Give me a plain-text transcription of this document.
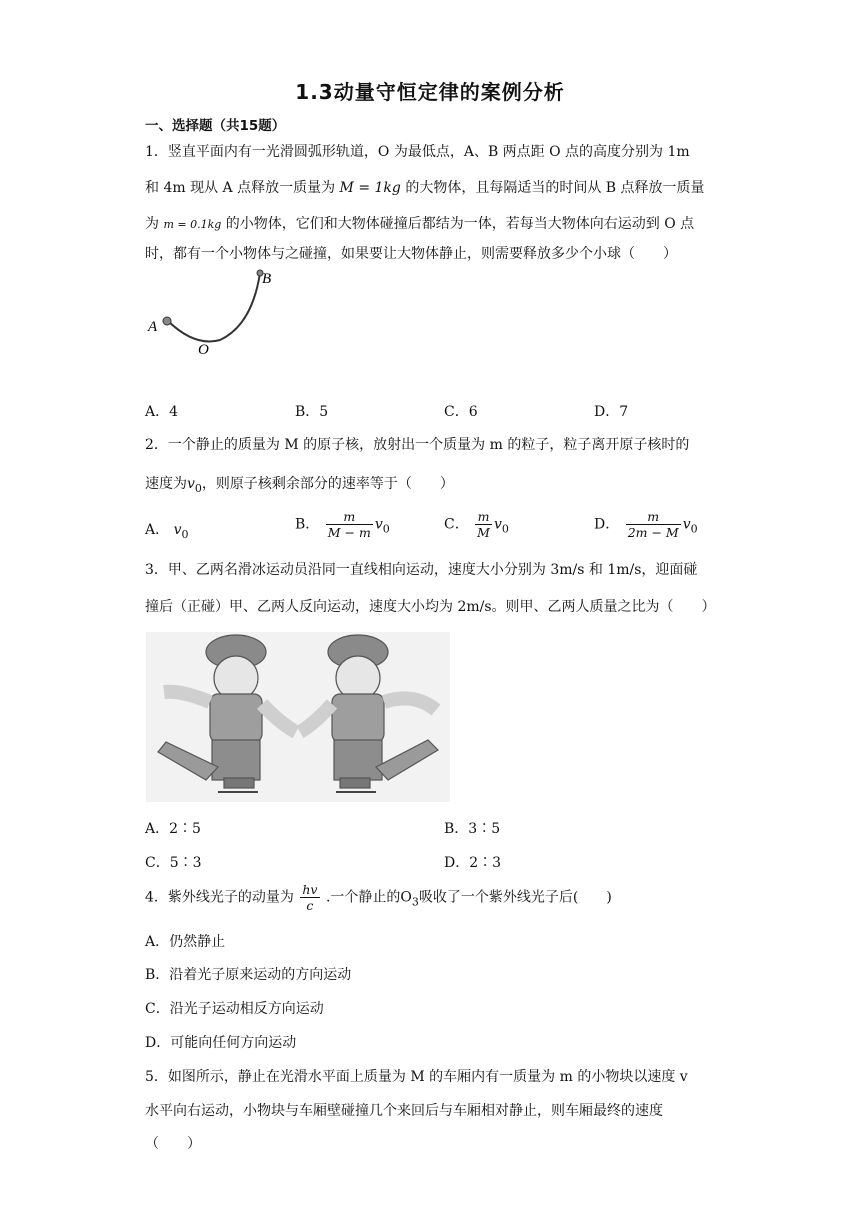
1.3动量守恒定律的案例分析
一、选择题（共15题）
1．竖直平面内有一光滑圆弧形轨道，O 为最低点，A、B 两点距 O 点的高度分别为 1m
和 4m 现从 A 点释放一质量为 M = 1kg 的大物体，且每隔适当的时间从 B 点释放一质量
为 m = 0.1kg 的小物体，它们和大物体碰撞后都结为一体，若每当大物体向右运动到 O 点
时，都有一个小物体与之碰撞，如果要让大物体静止，则需要释放多少个小球（　　）
A
B
O
A．4	B．5	C．6	D．7
2．一个静止的质量为 M 的原子核，放射出一个质量为 m 的粒子，粒子离开原子核时的
速度为$v_0$，则原子核剩余部分的速率等于（　　）
A． $v_0$
B． $\frac{m}{M - m} v_0$	C． $\frac{m}{M} v_0$	D． $\frac{m}{2m - M} v_0$
3．甲、乙两名滑冰运动员沿同一直线相向运动，速度大小分别为 3m/s 和 1m/s，迎面碰
撞后（正碰）甲、乙两人反向运动，速度大小均为 2m/s。则甲、乙两人质量之比为（　　）
A．2∶5	B．3∶5
C．5∶3	D．2∶3
4．紫外线光子的动量为 $\frac{hv}{c}$ .一个静止的$O_3$吸收了一个紫外线光子后(　　)
A．仍然静止
B．沿着光子原来运动的方向运动
C．沿光子运动相反方向运动
D．可能向任何方向运动
5．如图所示，静止在光滑水平面上质量为 M 的车厢内有一质量为 m 的小物块以速度 v
水平向右运动，小物块与车厢壁碰撞几个来回后与车厢相对静止，则车厢最终的速度
（　　）
